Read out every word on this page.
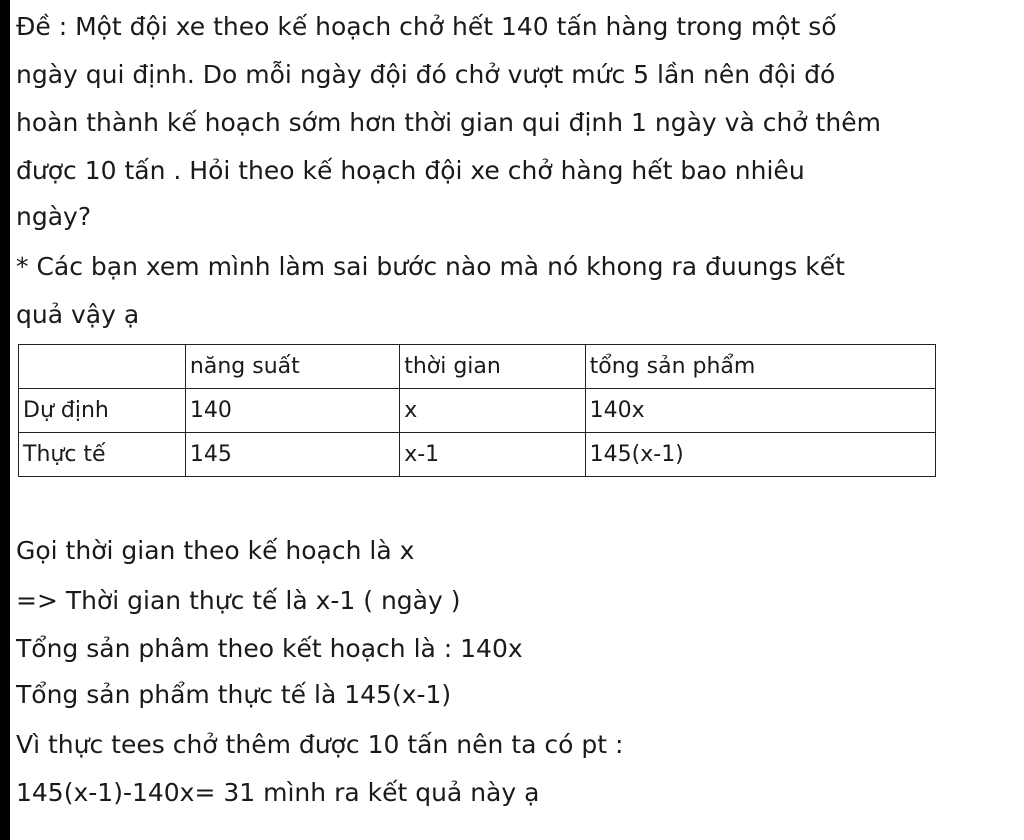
Đề : Một đội xe theo kế hoạch chở hết 140 tấn hàng trong một số
ngày qui định. Do mỗi ngày đội đó chở vượt mức 5 lần nên đội đó
hoàn thành kế hoạch sớm hơn thời gian qui định 1 ngày và chở thêm
được 10 tấn . Hỏi theo kế hoạch đội xe chở hàng hết bao nhiêu
ngày?
* Các bạn xem mình làm sai bước nào mà nó khong ra đuungs kết
quả vậy ạ
	năng suất	thời gian	tổng sản phẩm
Dự định	140	x	140x
Thực tế	145	x-1	145(x-1)
Gọi thời gian theo kế hoạch là x
=> Thời gian thực tế là x-1 ( ngày )
Tổng sản phâm theo kết hoạch là : 140x
Tổng sản phẩm thực tế là 145(x-1)
Vì thực tees chở thêm được 10 tấn nên ta có pt :
145(x-1)-140x= 31 mình ra kết quả này ạ
